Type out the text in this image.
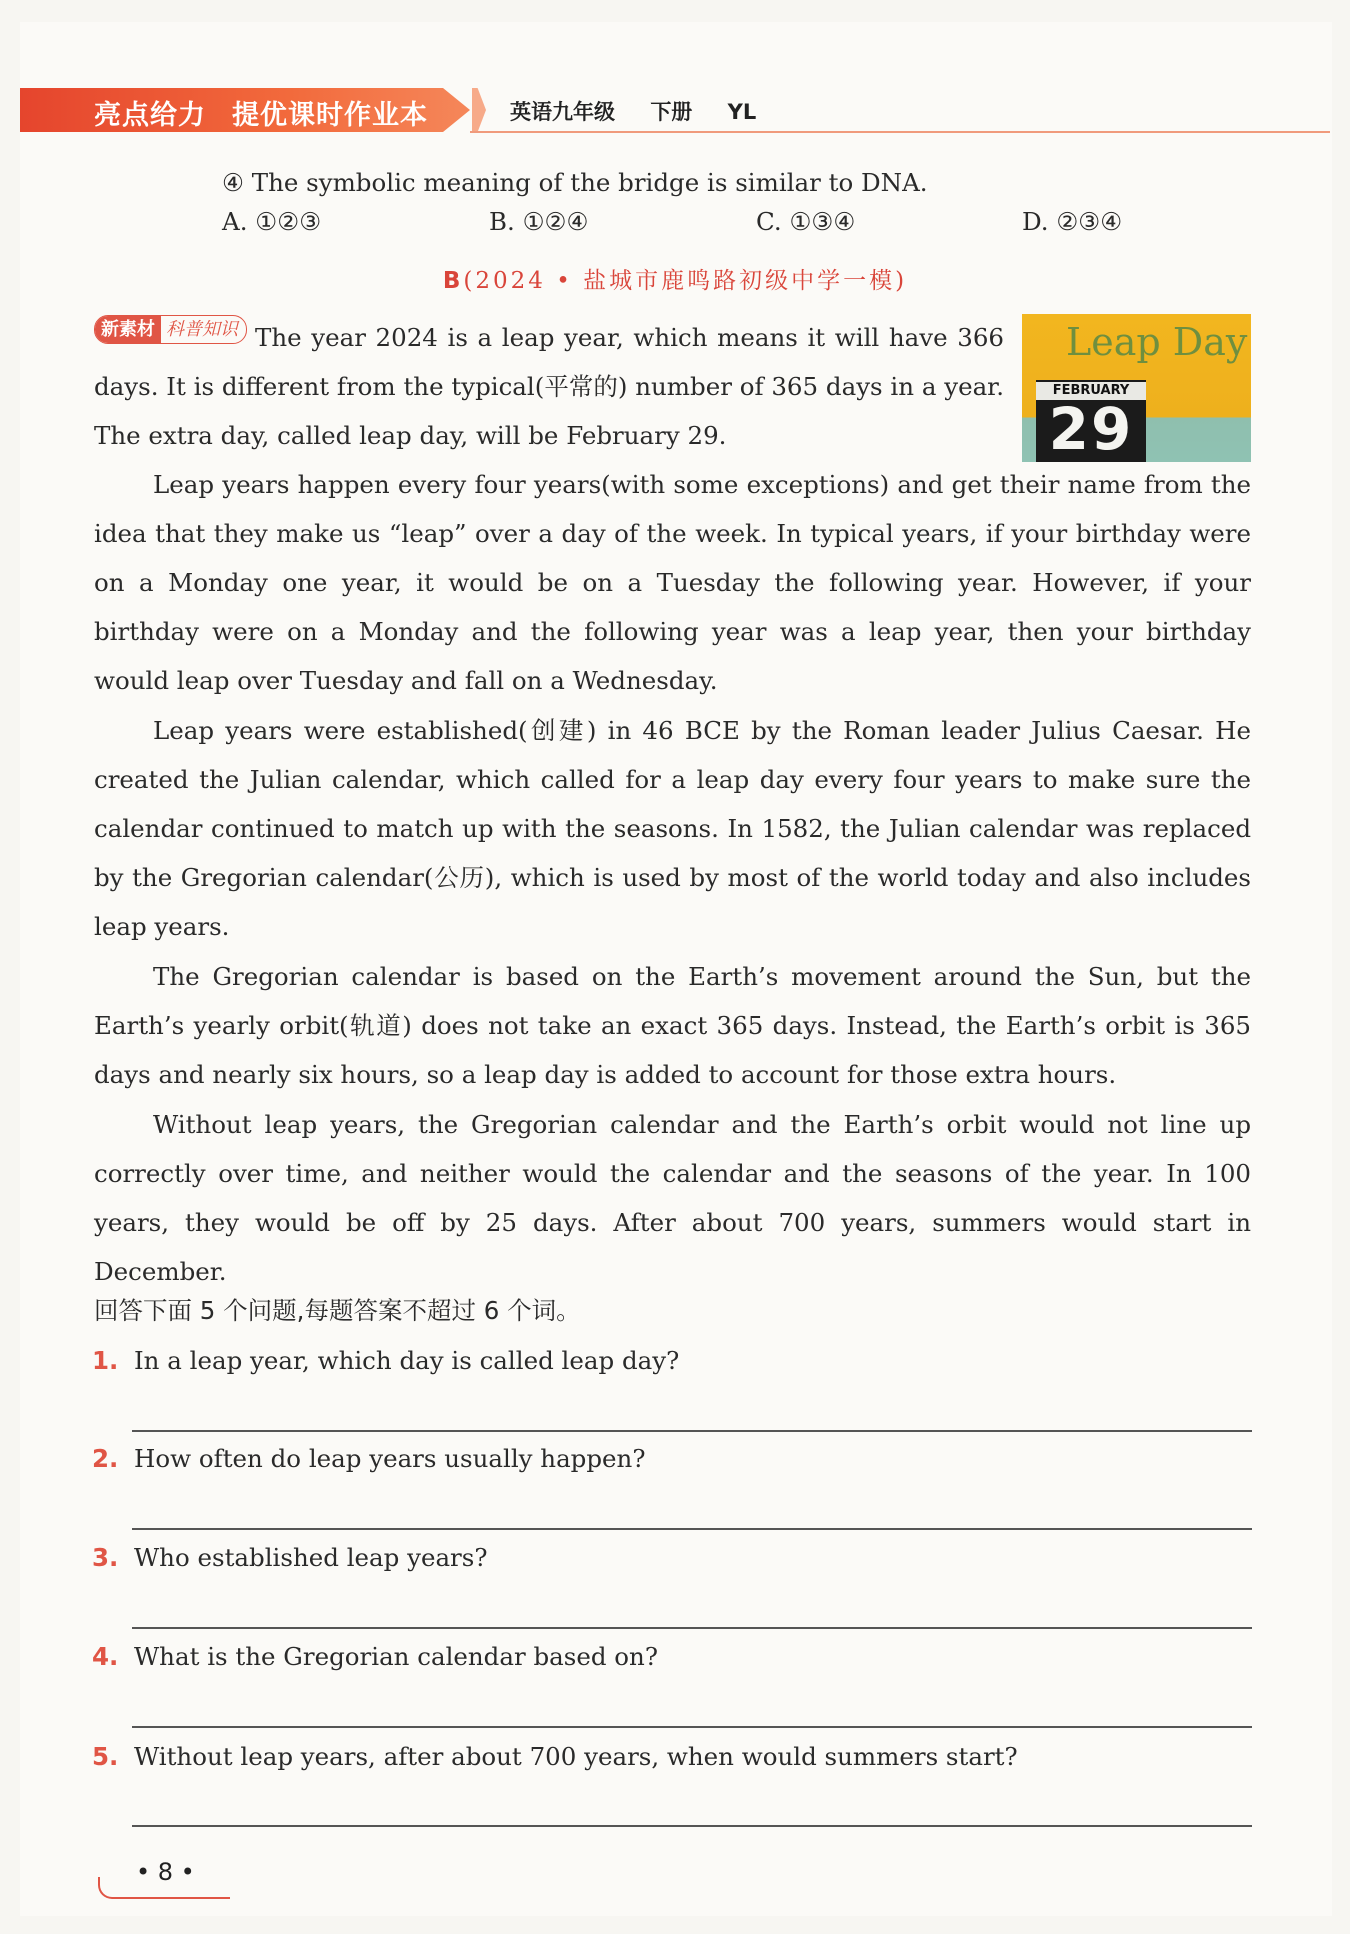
亮点给力 提优课时作业本	英语九年级 下册 YL
④ The symbolic meaning of the bridge is similar to DNA.
A. ①②③	B. ①②④	C. ①③④	D. ②③④
B(2024 • 盐城市鹿鸣路初级中学一模)
Leap Day
FEBRUARY
29
新素材 科普知识 The year 2024 is a leap year, which means it will have 366 days. It is different from the typical(平常的) number of 365 days in a year. The extra day, called leap day, will be February 29.
Leap years happen every four years(with some exceptions) and get their name from the idea that they make us “leap” over a day of the week. In typical years, if your birthday were on a Monday one year, it would be on a Tuesday the following year. However, if your birthday were on a Monday and the following year was a leap year, then your birthday would leap over Tuesday and fall on a Wednesday.
Leap years were established(创建) in 46 BCE by the Roman leader Julius Caesar. He created the Julian calendar, which called for a leap day every four years to make sure the calendar continued to match up with the seasons. In 1582, the Julian calendar was replaced by the Gregorian calendar(公历), which is used by most of the world today and also includes leap years.
The Gregorian calendar is based on the Earth’s movement around the Sun, but the Earth’s yearly orbit(轨道) does not take an exact 365 days. Instead, the Earth’s orbit is 365 days and nearly six hours, so a leap day is added to account for those extra hours.
Without leap years, the Gregorian calendar and the Earth’s orbit would not line up correctly over time, and neither would the calendar and the seasons of the year. In 100 years, they would be off by 25 days. After about 700 years, summers would start in December.
回答下面 5 个问题,每题答案不超过 6 个词。
1. In a leap year, which day is called leap day?
2. How often do leap years usually happen?
3. Who established leap years?
4. What is the Gregorian calendar based on?
5. Without leap years, after about 700 years, when would summers start?
• 8 •
